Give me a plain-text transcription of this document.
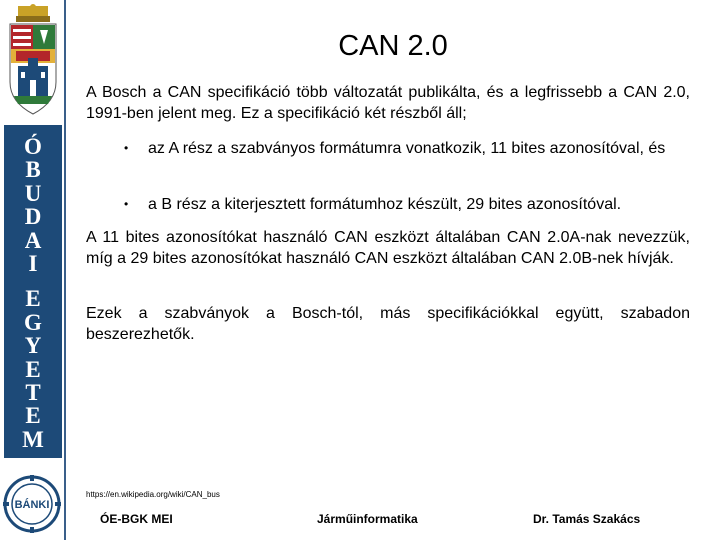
Ó
B
U
D
A
I
E
G
Y
E
T
E
M
BÁNKI
CAN 2.0

A Bosch a CAN specifikáció több változatát publikálta, és a legfrissebb a CAN 2.0, 1991-ben jelent meg. Ez a specifikáció két részből áll;

•	az A rész a szabványos formátumra vonatkozik, 11 bites azonosítóval, és
•	a B rész a kiterjesztett formátumhoz készült, 29 bites azonosítóval.

A 11 bites azonosítókat használó CAN eszközt általában CAN 2.0A-nak nevezzük, míg a 29 bites azonosítókat használó CAN eszközt általában CAN 2.0B-nek hívják.

Ezek a szabványok a Bosch-tól, más specifikációkkal együtt, szabadon beszerezhetők.

https://en.wikipedia.org/wiki/CAN_bus
ÓE-BGK MEI	Járműinformatika	Dr. Tamás Szakács
